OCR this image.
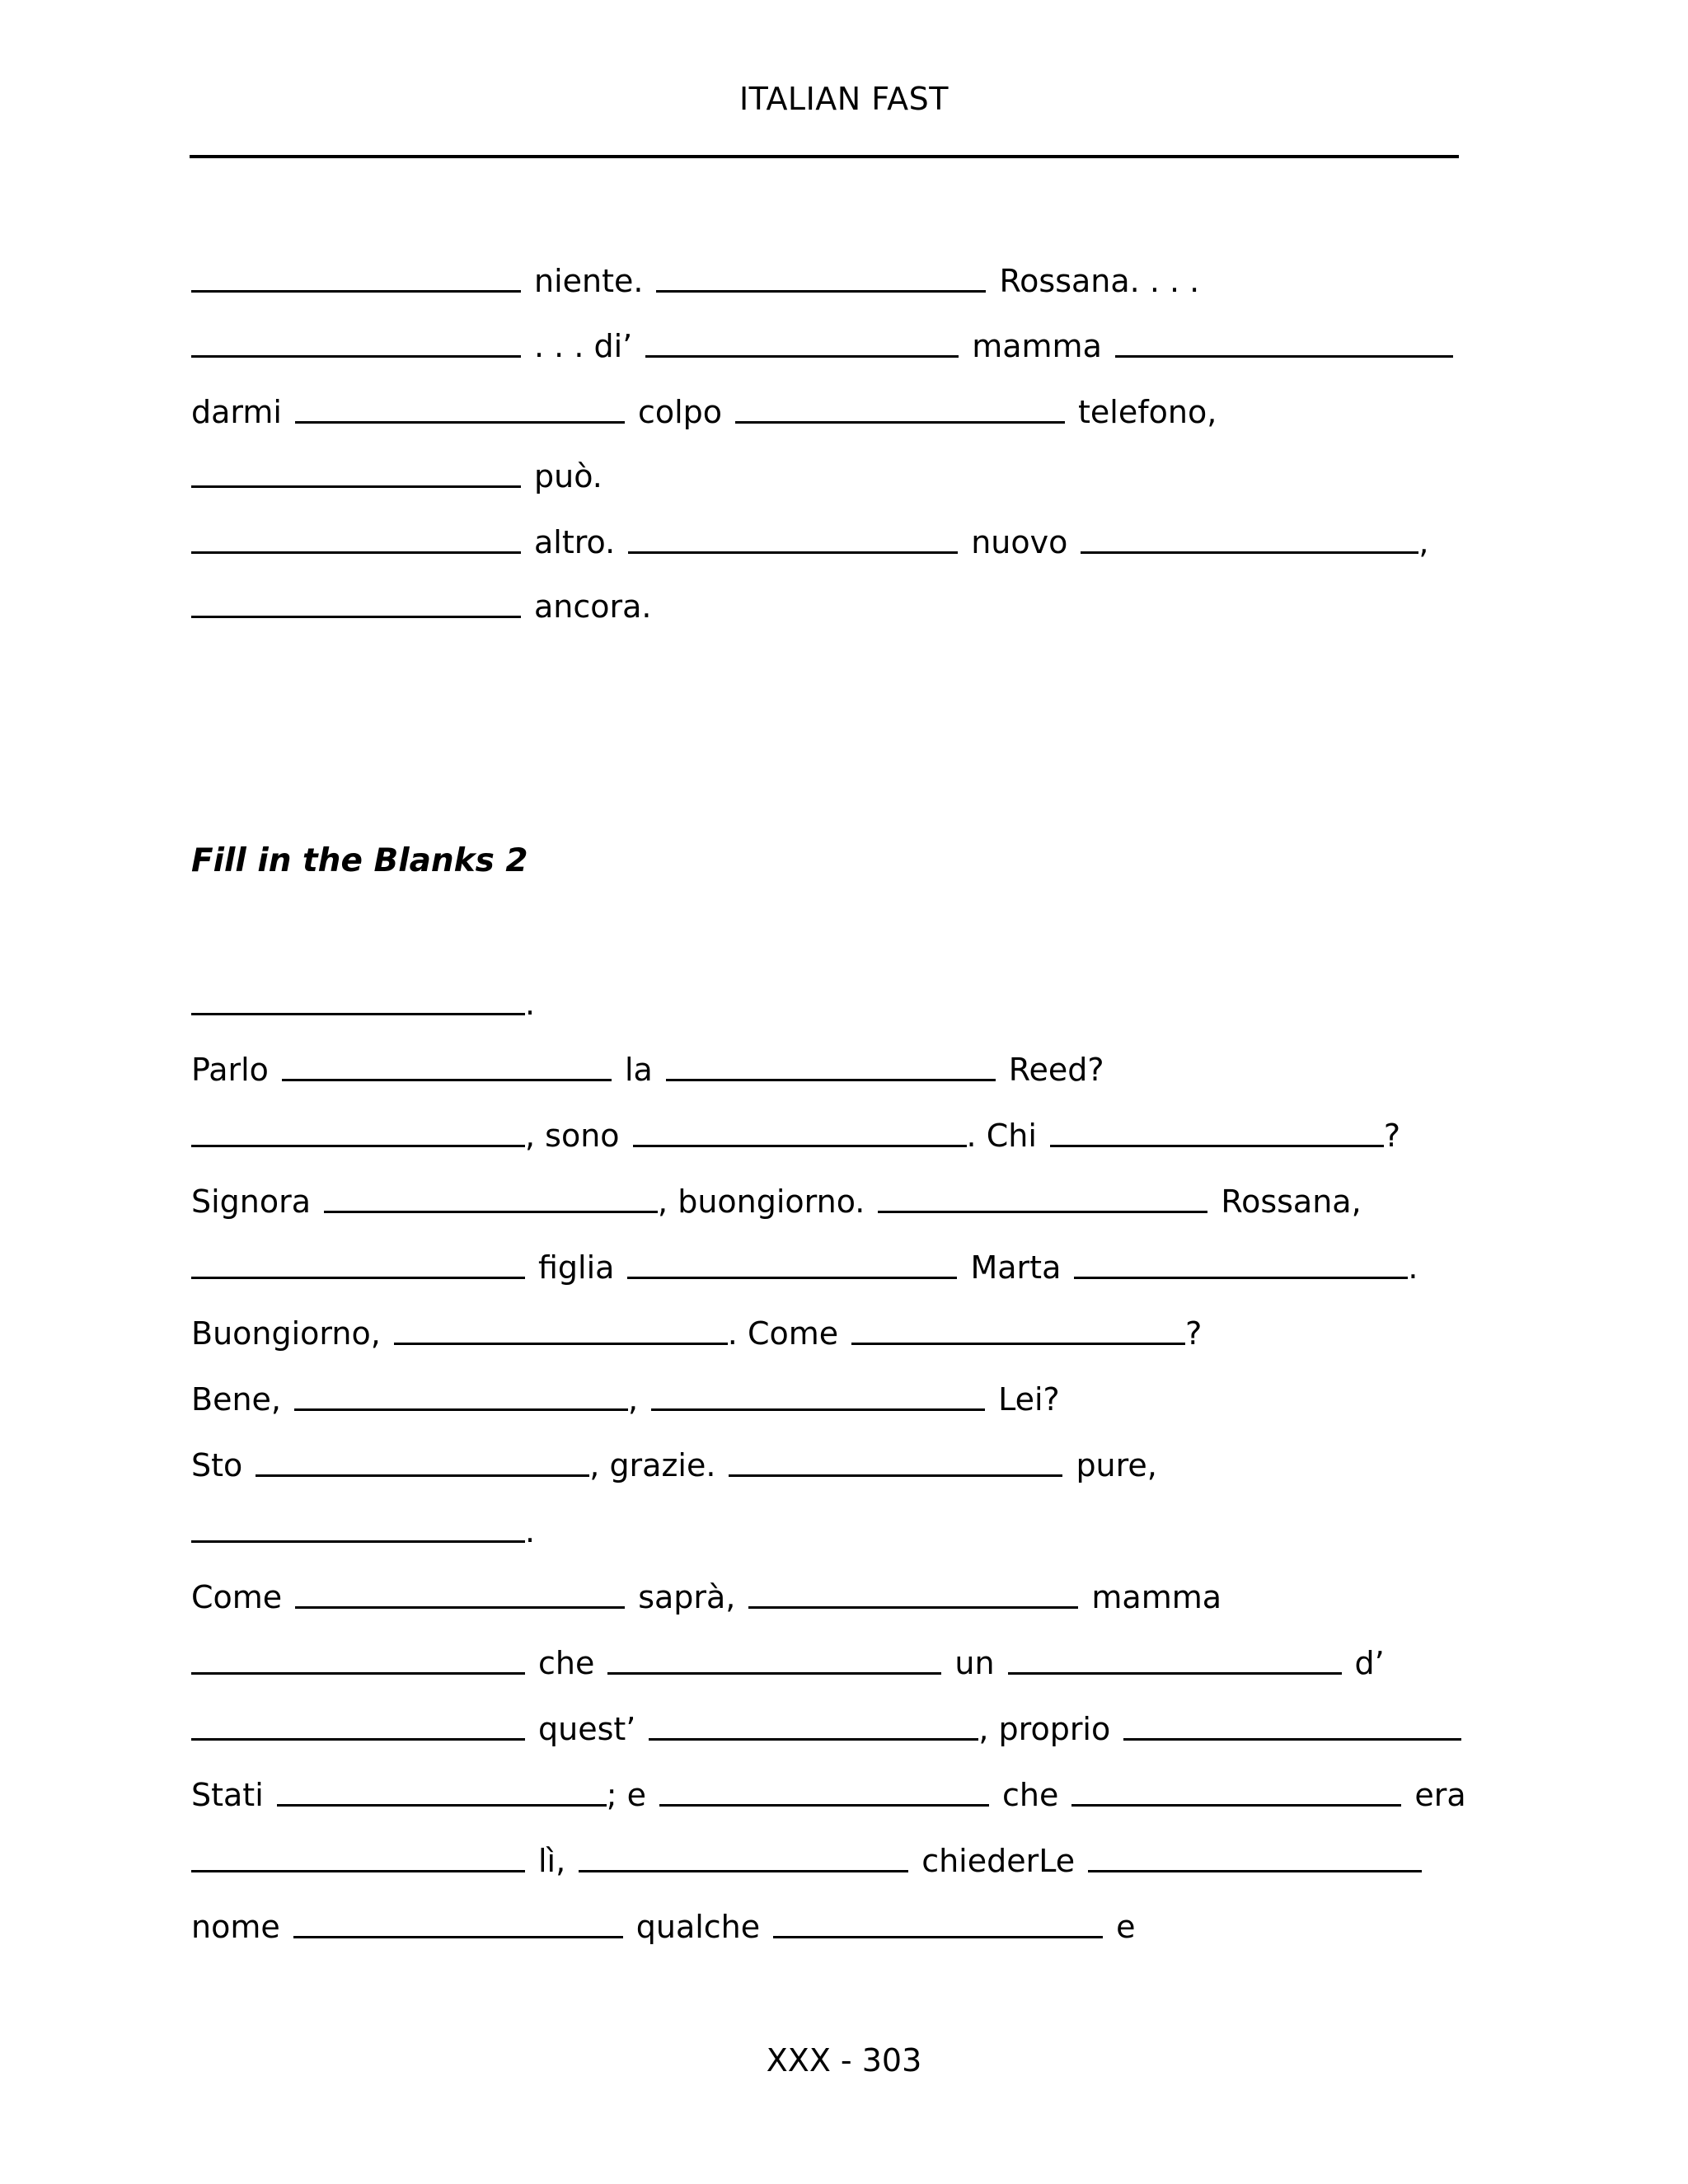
ITALIAN FAST
niente.	Rossana. . . .
. . . di’	mamma
darmi	colpo	telefono,
può.
altro.	nuovo	,
ancora.
Fill in the Blanks 2
.
Parlo	la	Reed?
, sono	. Chi	?
Signora	, buongiorno.	Rossana,
figlia	Marta	.
Buongiorno,	. Come	?
Bene,	,	Lei?
Sto	, grazie.	pure,
.
Come	saprà,	mamma
che	un	d’
quest’	, proprio
Stati	; e	che	era
lì,	chiederLe
nome	qualche	e
XXX - 303
